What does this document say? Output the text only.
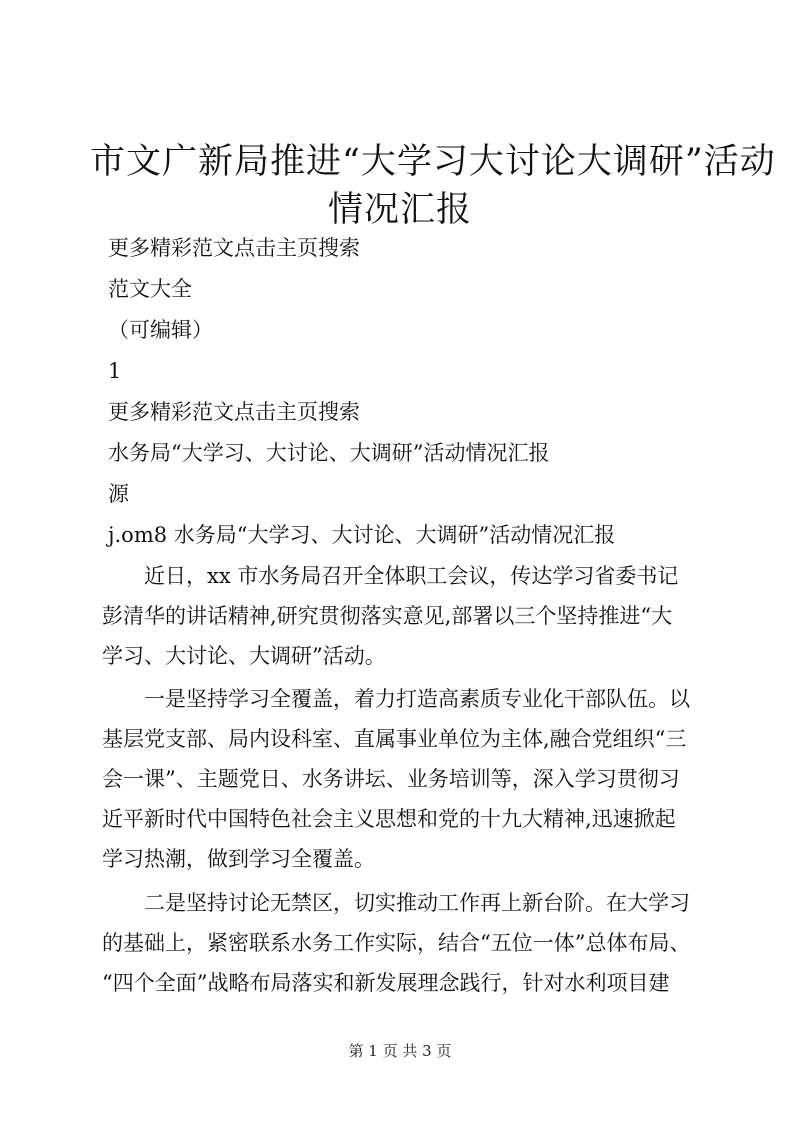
市文广新局推进“大学习大讨论大调研”活动
情况汇报
更多精彩范文点击主页搜索
范文大全
（可编辑）
1
更多精彩范文点击主页搜索
水务局“大学习、大讨论、大调研”活动情况汇报
源
j.om8 水务局“大学习、大讨论、大调研”活动情况汇报
　　近日，xx 市水务局召开全体职工会议，传达学习省委书记
彭清华的讲话精神,研究贯彻落实意见,部署以三个坚持推进“大
学习、大讨论、大调研”活动。
　　一是坚持学习全覆盖，着力打造高素质专业化干部队伍。以
基层党支部、局内设科室、直属事业单位为主体,融合党组织“三
会一课”、主题党日、水务讲坛、业务培训等，深入学习贯彻习
近平新时代中国特色社会主义思想和党的十九大精神,迅速掀起
学习热潮，做到学习全覆盖。
　　二是坚持讨论无禁区，切实推动工作再上新台阶。在大学习
的基础上，紧密联系水务工作实际，结合“五位一体”总体布局、
“四个全面”战略布局落实和新发展理念践行，针对水利项目建
第 1 页 共 3 页
